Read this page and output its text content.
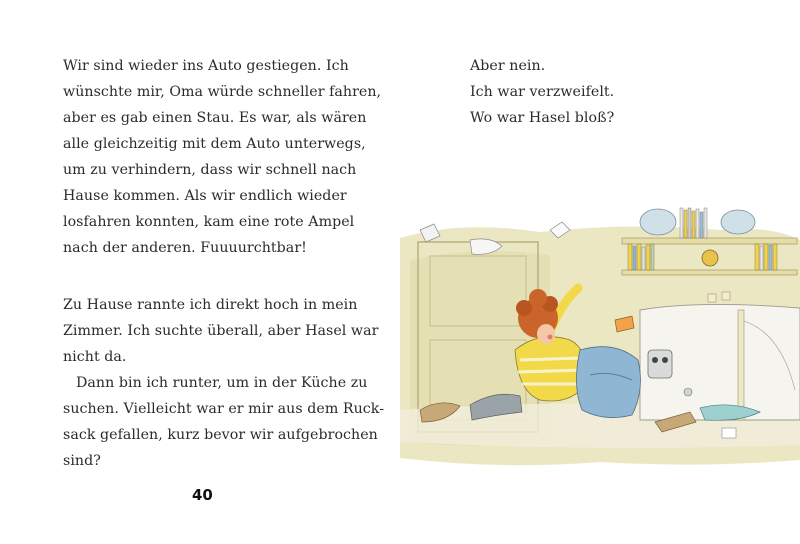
Wir sind wieder ins Auto gestiegen. Ich
wünschte mir, Oma würde schneller fahren,
aber es gab einen Stau. Es war, als wären
alle gleichzeitig mit dem Auto unterwegs,
um zu verhindern, dass wir schnell nach
Hause kommen. Als wir endlich wieder
losfahren konnten, kam eine rote Ampel
nach der anderen. Fuuuurchtbar!
Zu Hause rannte ich direkt hoch in mein
Zimmer. Ich suchte überall, aber Hasel war
nicht da.
Dann bin ich runter, um in der Küche zu
suchen. Vielleicht war er mir aus dem Ruck-
sack gefallen, kurz bevor wir aufgebrochen
sind?
40
Aber nein.
Ich war verzweifelt.
Wo war Hasel bloß?
